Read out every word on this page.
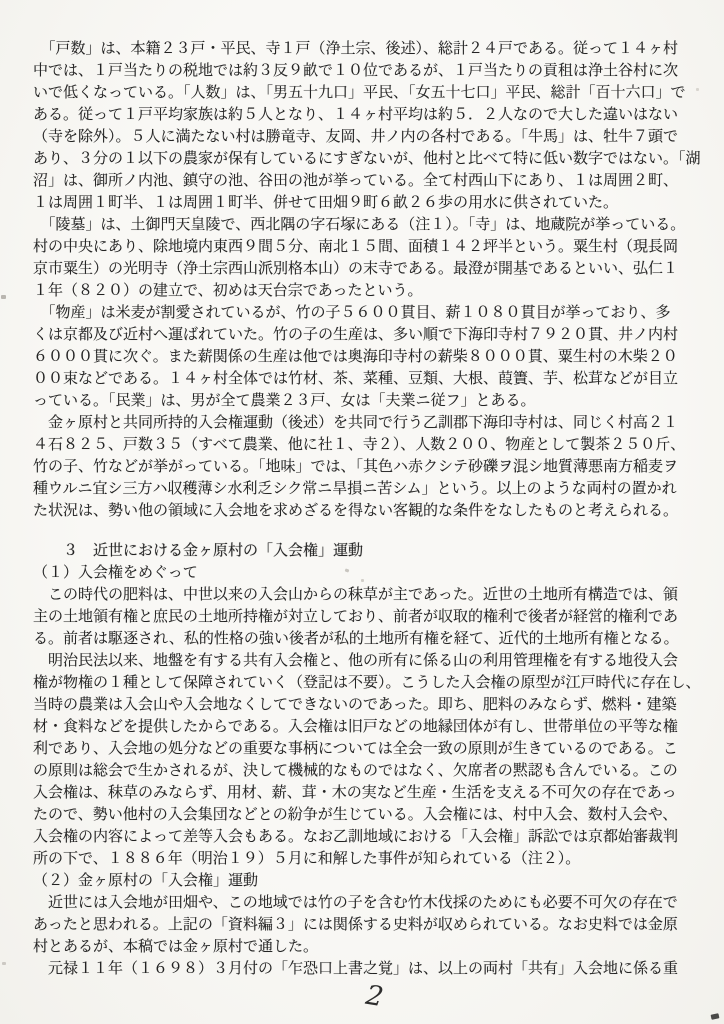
　「戸数」は、本籍２３戸・平民、寺１戸（浄土宗、後述）、総計２４戸である。従って１４ヶ村
中では、１戸当たりの税地では約３反９畝で１０位であるが、１戸当たりの貢租は浄土谷村に次
いで低くなっている。「人数」は、「男五十九口」平民、「女五十七口」平民、総計「百十六口」で
ある。従って１戸平均家族は約５人となり、１４ヶ村平均は約５．２人なので大した違いはない
（寺を除外）。５人に満たない村は勝竜寺、友岡、井ノ内の各村である。「牛馬」は、牡牛７頭で
あり、３分の１以下の農家が保有しているにすぎないが、他村と比べて特に低い数字ではない。「湖
沼」は、御所ノ内池、鎮守の池、谷田の池が挙っている。全て村西山下にあり、１は周囲２町、
１は周囲１町半、１は周囲１町半、併せて田畑９町６畝２６歩の用水に供されていた。
　「陵墓」は、土御門天皇陵で、西北隅の字石塚にある（注１）。「寺」は、地蔵院が挙っている。
村の中央にあり、除地境内東西９間５分、南北１５間、面積１４２坪半という。粟生村（現長岡
京市粟生）の光明寺（浄土宗西山派別格本山）の末寺である。最澄が開基であるといい、弘仁１
１年（８２０）の建立で、初めは天台宗であったという。
　「物産」は米麦が割愛されているが、竹の子５６００貫目、薪１０８０貫目が挙っており、多
くは京都及び近村へ運ばれていた。竹の子の生産は、多い順で下海印寺村７９２０貫、井ノ内村
６０００貫に次ぐ。また薪関係の生産は他では奥海印寺村の薪柴８０００貫、粟生村の木柴２０
００束などである。１４ヶ村全体では竹材、茶、菜種、豆類、大根、葭簀、芋、松茸などが目立
っている。「民業」は、男が全て農業２３戸、女は「夫業ニ従フ」とある。
　金ヶ原村と共同所持的入会権運動（後述）を共同で行う乙訓郡下海印寺村は、同じく村高２１
４石８２５、戸数３５（すべて農業、他に社１、寺２）、人数２００、物産として製茶２５０斤、
竹の子、竹などが挙がっている。「地味」では、「其色ハ赤クシテ砂礫ヲ混シ地質薄悪南方稲麦ヲ
種ウルニ宜シ三方ハ収穫薄シ水利乏シク常ニ旱損ニ苦シム」という。以上のような両村の置かれ
た状況は、勢い他の領域に入会地を求めざるを得ない客観的な条件をなしたものと考えられる。
　　３　近世における金ヶ原村の「入会権」運動
（１）入会権をめぐって
　この時代の肥料は、中世以来の入会山からの秣草が主であった。近世の土地所有構造では、領
主の土地領有権と庶民の土地所持権が対立しており、前者が収取的権利で後者が経営的権利であ
る。前者は駆逐され、私的性格の強い後者が私的土地所有権を経て、近代的土地所有権となる。
　明治民法以来、地盤を有する共有入会権と、他の所有に係る山の利用管理権を有する地役入会
権が物権の１種として保障されていく（登記は不要）。こうした入会権の原型が江戸時代に存在し、
当時の農業は入会山や入会地なくしてできないのであった。即ち、肥料のみならず、燃料・建築
材・食料などを提供したからである。入会権は旧戸などの地縁団体が有し、世帯単位の平等な権
利であり、入会地の処分などの重要な事柄については全会一致の原則が生きているのである。こ
の原則は総会で生かされるが、決して機械的なものではなく、欠席者の黙認も含んでいる。この
入会権は、秣草のみならず、用材、薪、茸・木の実など生産・生活を支える不可欠の存在であっ
たので、勢い他村の入会集団などとの紛争が生じている。入会権には、村中入会、数村入会や、
入会権の内容によって差等入会もある。なお乙訓地域における「入会権」訴訟では京都始審裁判
所の下で、１８８６年（明治１９）５月に和解した事件が知られている（注２）。
（２）金ヶ原村の「入会権」運動
　近世には入会地が田畑や、この地域では竹の子を含む竹木伐採のためにも必要不可欠の存在で
あったと思われる。上記の「資料編３」には関係する史料が収められている。なお史料では金原
村とあるが、本稿では金ヶ原村で通した。
　元禄１１年（１６９８）３月付の「乍恐口上書之覚」は、以上の両村「共有」入会地に係る重
2
